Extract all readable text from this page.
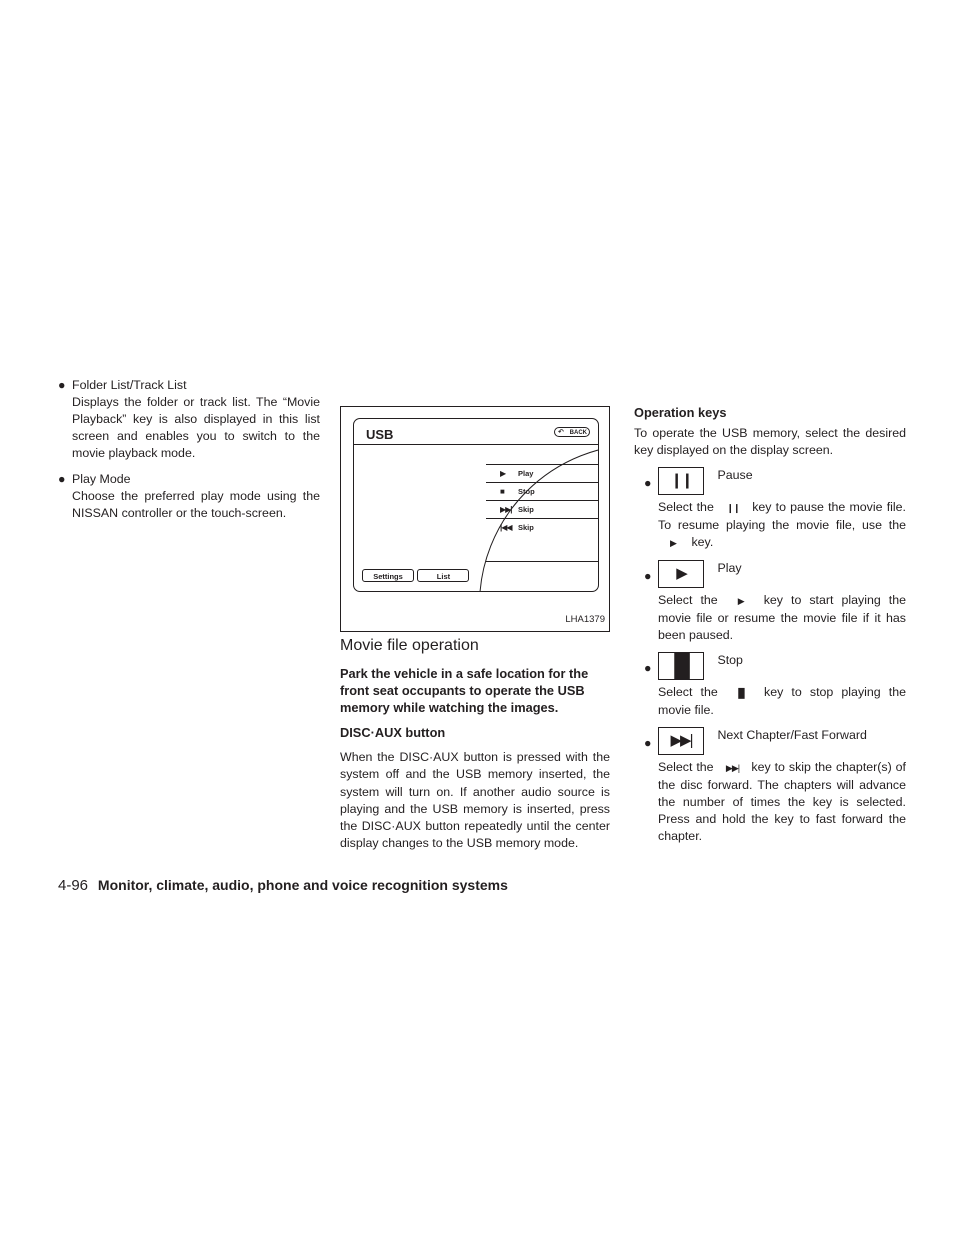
● Folder List/Track List

Displays the folder or track list. The “Movie Playback” key is also displayed in this list screen and enables you to switch to the movie playback mode.

● Play Mode

Choose the preferred play mode using the NISSAN controller or the touch-screen.

USB	↶ BACK
▶ Play
■ Stop
▶▶| Skip
|◀◀ Skip
Settings	List
LHA1379
Movie file operation

Park the vehicle in a safe location for the front seat occupants to operate the USB memory while watching the images.

DISC·AUX button

When the DISC·AUX button is pressed with the system off and the USB memory inserted, the system will turn on. If another audio source is playing and the USB memory is inserted, press the DISC·AUX button repeatedly until the center display changes to the USB memory mode.

Operation keys

To operate the USB memory, select the desired key displayed on the display screen.

● ❙❙ Pause

Select the ❙❙ key to pause the movie file. To resume playing the movie file, use the ▶ key.

● ▶	Play

Select the ▶ key to start playing the movie file or resume the movie file if it has been paused.

● █ Stop

Select the █ key to stop playing the movie file.

● ▶▶| Next Chapter/Fast Forward

Select the ▶▶| key to skip the chapter(s) of the disc forward. The chapters will advance the number of times the key is selected. Press and hold the key to fast forward the chapter.

4-96 Monitor, climate, audio, phone and voice recognition systems
